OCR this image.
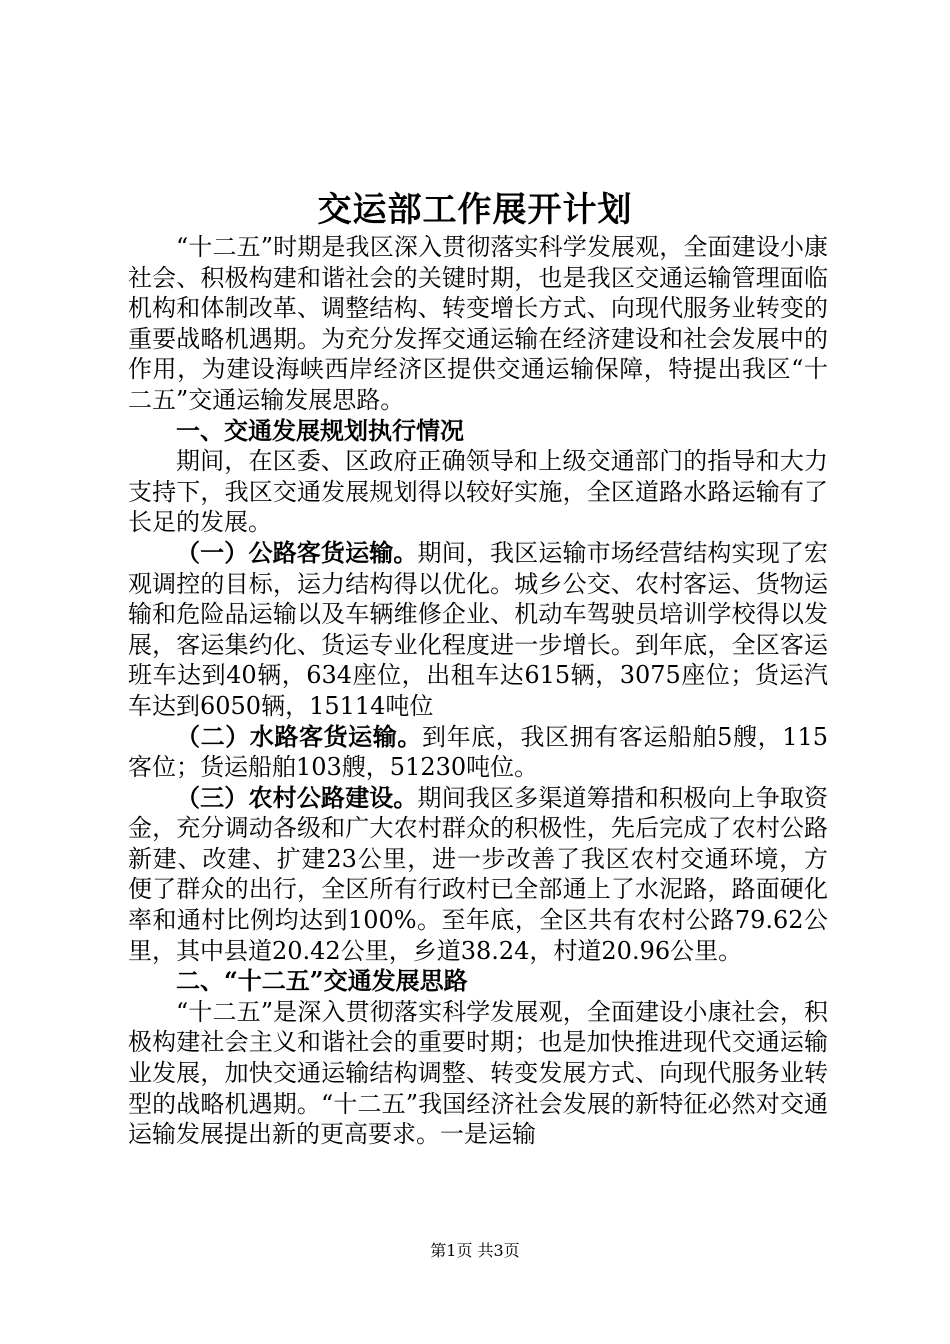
交运部工作展开计划

“十二五”时期是我区深入贯彻落实科学发展观，全面建设小康社会、积极构建和谐社会的关键时期，也是我区交通运输管理面临机构和体制改革、调整结构、转变增长方式、向现代服务业转变的重要战略机遇期。为充分发挥交通运输在经济建设和社会发展中的作用，为建设海峡西岸经济区提供交通运输保障，特提出我区“十二五”交通运输发展思路。

一、交通发展规划执行情况

期间，在区委、区政府正确领导和上级交通部门的指导和大力支持下，我区交通发展规划得以较好实施，全区道路水路运输有了长足的发展。

（一）公路客货运输。期间，我区运输市场经营结构实现了宏观调控的目标，运力结构得以优化。城乡公交、农村客运、货物运输和危险品运输以及车辆维修企业、机动车驾驶员培训学校得以发展，客运集约化、货运专业化程度进一步增长。到年底，全区客运班车达到40辆，634座位，出租车达615辆，3075座位；货运汽车达到6050辆，15114吨位

（二）水路客货运输。到年底，我区拥有客运船舶5艘，115客位；货运船舶103艘，51230吨位。

（三）农村公路建设。期间我区多渠道筹措和积极向上争取资金，充分调动各级和广大农村群众的积极性，先后完成了农村公路新建、改建、扩建23公里，进一步改善了我区农村交通环境，方便了群众的出行，全区所有行政村已全部通上了水泥路，路面硬化率和通村比例均达到100%。至年底，全区共有农村公路79.62公里，其中县道20.42公里，乡道38.24，村道20.96公里。

二、“十二五”交通发展思路

“十二五”是深入贯彻落实科学发展观，全面建设小康社会，积极构建社会主义和谐社会的重要时期；也是加快推进现代交通运输业发展，加快交通运输结构调整、转变发展方式、向现代服务业转型的战略机遇期。“十二五”我国经济社会发展的新特征必然对交通运输发展提出新的更高要求。一是运输

第1页 共3页
